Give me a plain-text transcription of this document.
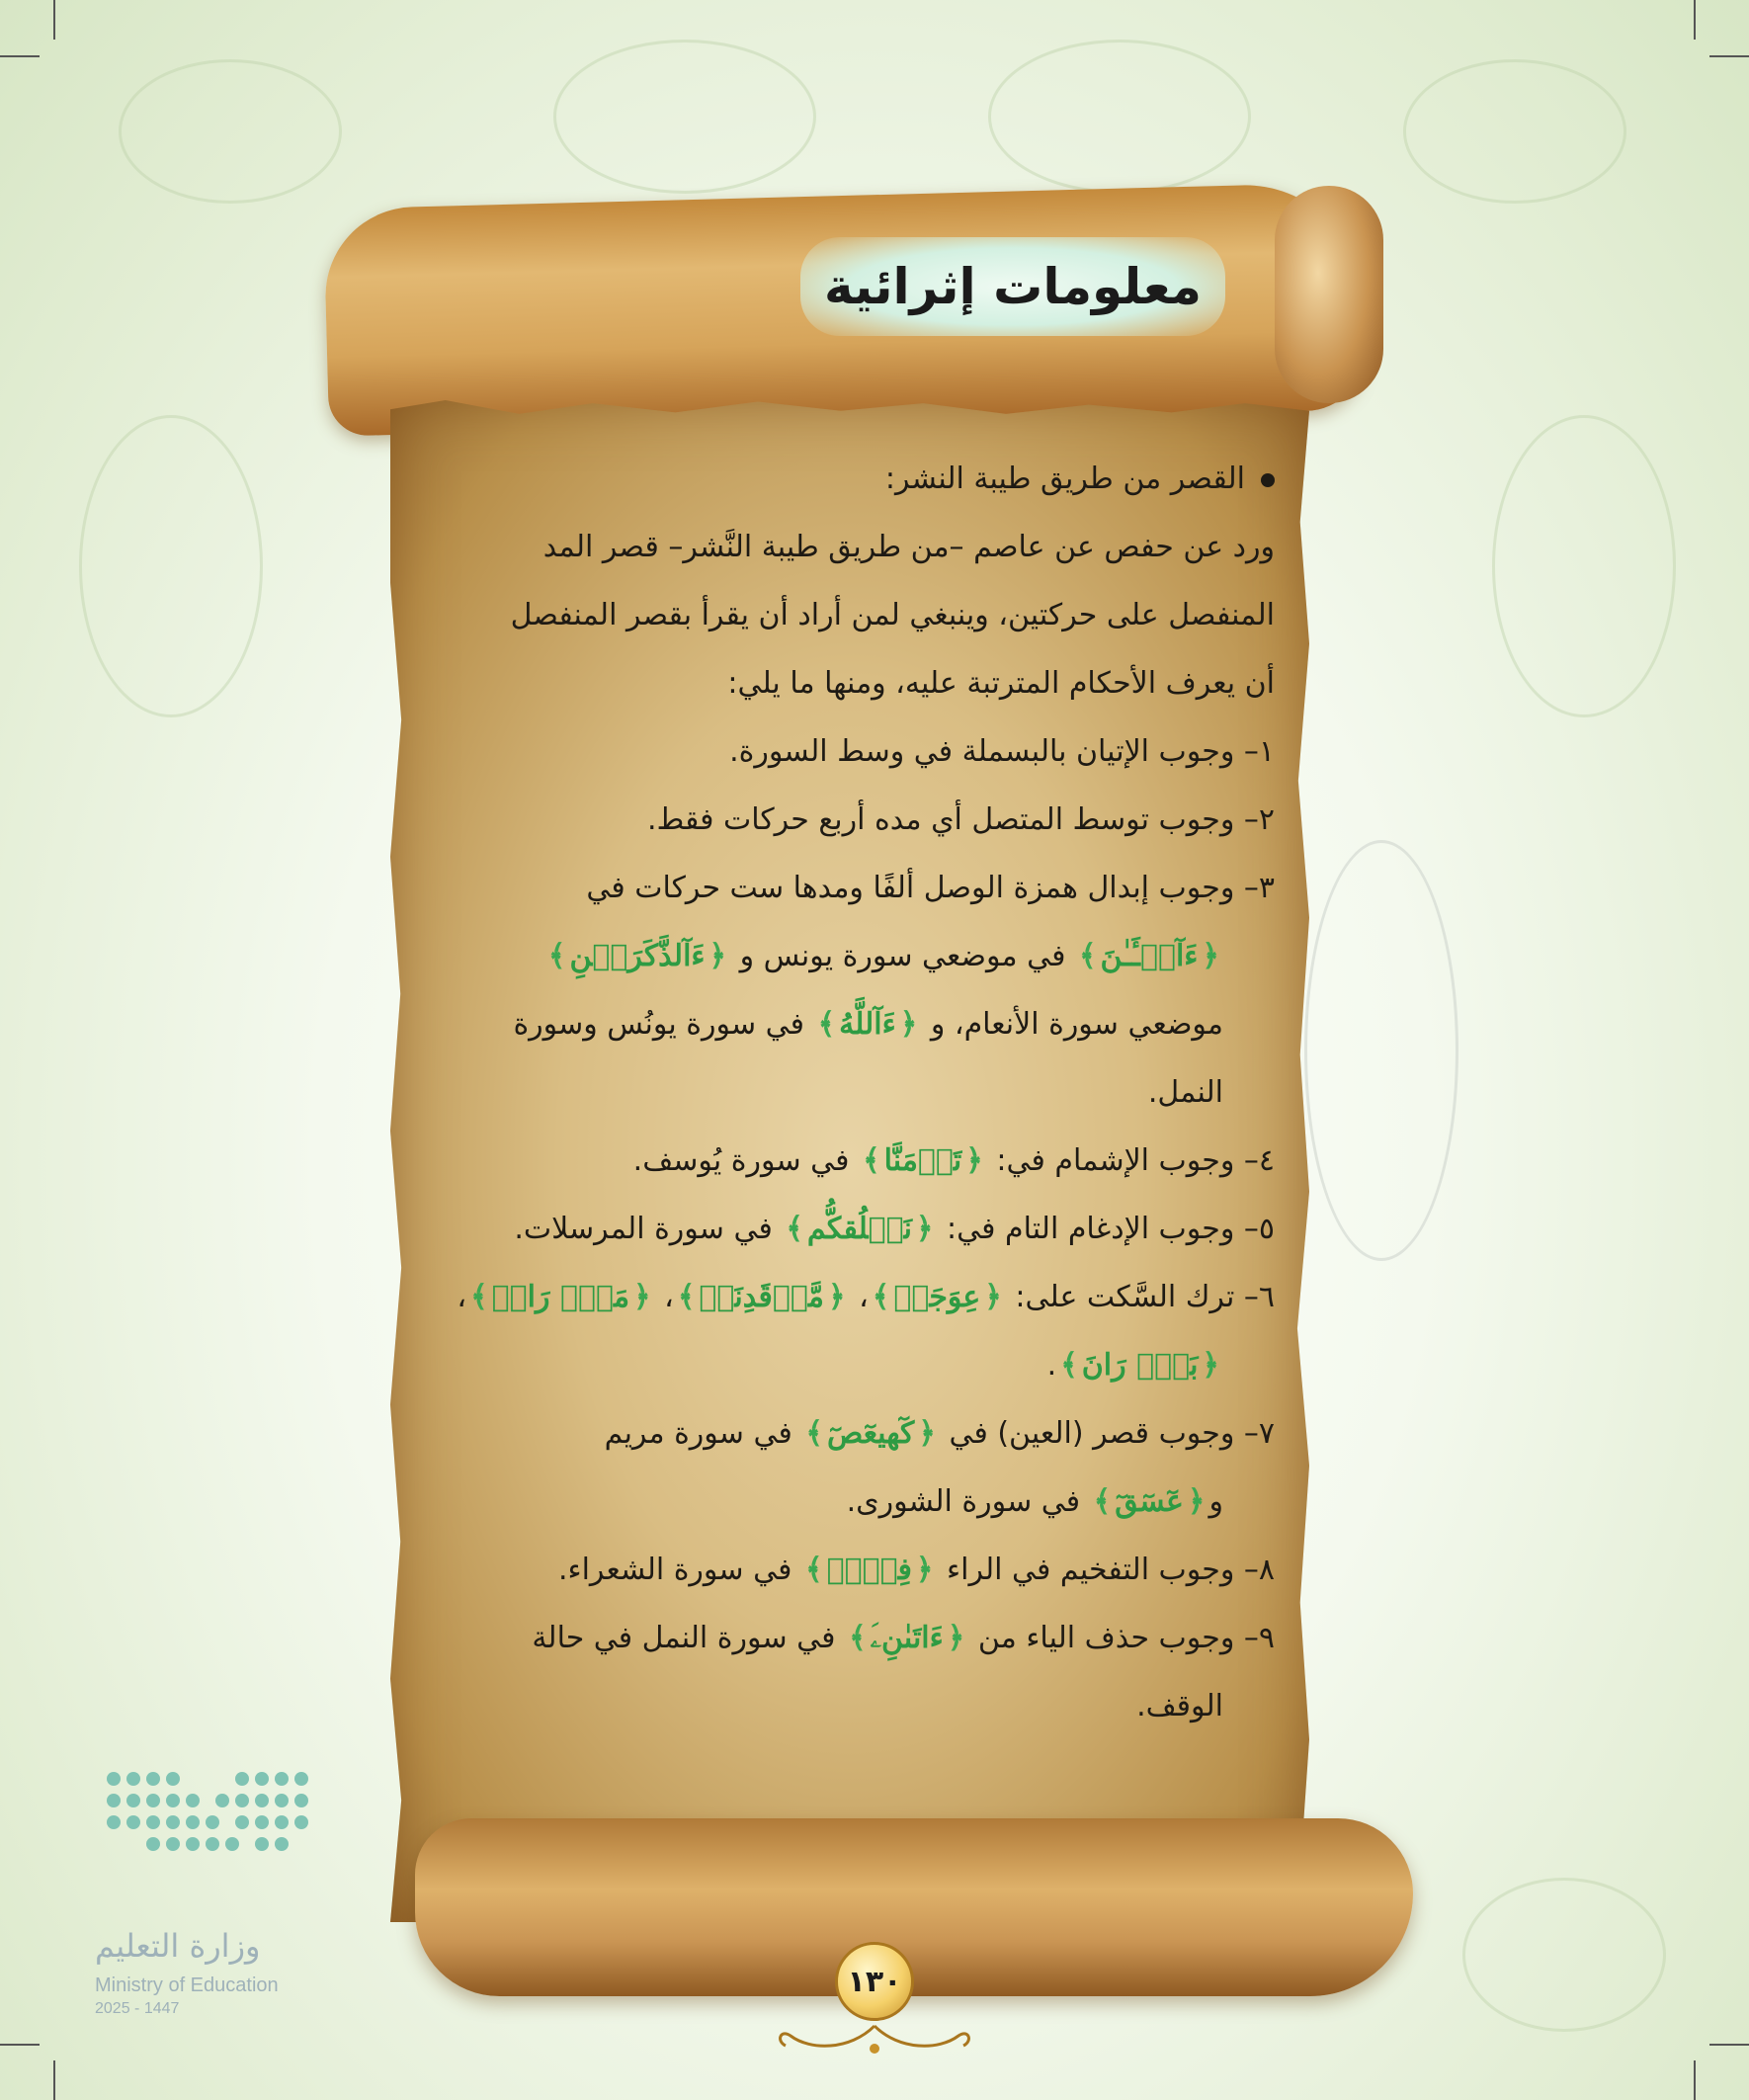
معلومات إثرائية
القصر من طريق طيبة النشر:
ورد عن حفص عن عاصم –من طريق طيبة النَّشر– قصر المد
المنفصل على حركتين، وينبغي لمن أراد أن يقرأ بقصر المنفصل
أن يعرف الأحكام المترتبة عليه، ومنها ما يلي:
١– وجوب الإتيان بالبسملة في وسط السورة.
٢– وجوب توسط المتصل أي مده أربع حركات فقط.
٣– وجوب إبدال همزة الوصل ألفًا ومدها ست حركات في
﴿ ءَآلۡـَٔـٰنَ ﴾ في موضعي سورة يونس و ﴿ ءَآلذَّكَرَيۡنِ ﴾
موضعي سورة الأنعام، و ﴿ ءَآللَّهُ ﴾ في سورة يونُس وسورة
النمل.
٤– وجوب الإشمام في: ﴿ تَأۡمَنَّا ﴾ في سورة يُوسف.
٥– وجوب الإدغام التام في: ﴿ نَخۡلُقكُّم ﴾ في سورة المرسلات.
٦– ترك السَّكت على: ﴿ عِوَجَاۜ ﴾، ﴿ مَّرۡقَدِنَاۜ ﴾، ﴿ مَنۡۜ رَاقٖ ﴾،
﴿ بَلۡۜ رَانَ ﴾.
٧– وجوب قصر (العين) في ﴿ كٓهيعٓصٓ ﴾ في سورة مريم
و﴿ عٓسٓقٓ ﴾ في سورة الشورى.
٨– وجوب التفخيم في الراء ﴿ فِرۡقٖ ﴾ في سورة الشعراء.
٩– وجوب حذف الياء من ﴿ ءَاتَىٰنِۦَ ﴾ في سورة النمل في حالة
الوقف.
١٣٠
وزارة التعليم
Ministry of Education
2025 - 1447
